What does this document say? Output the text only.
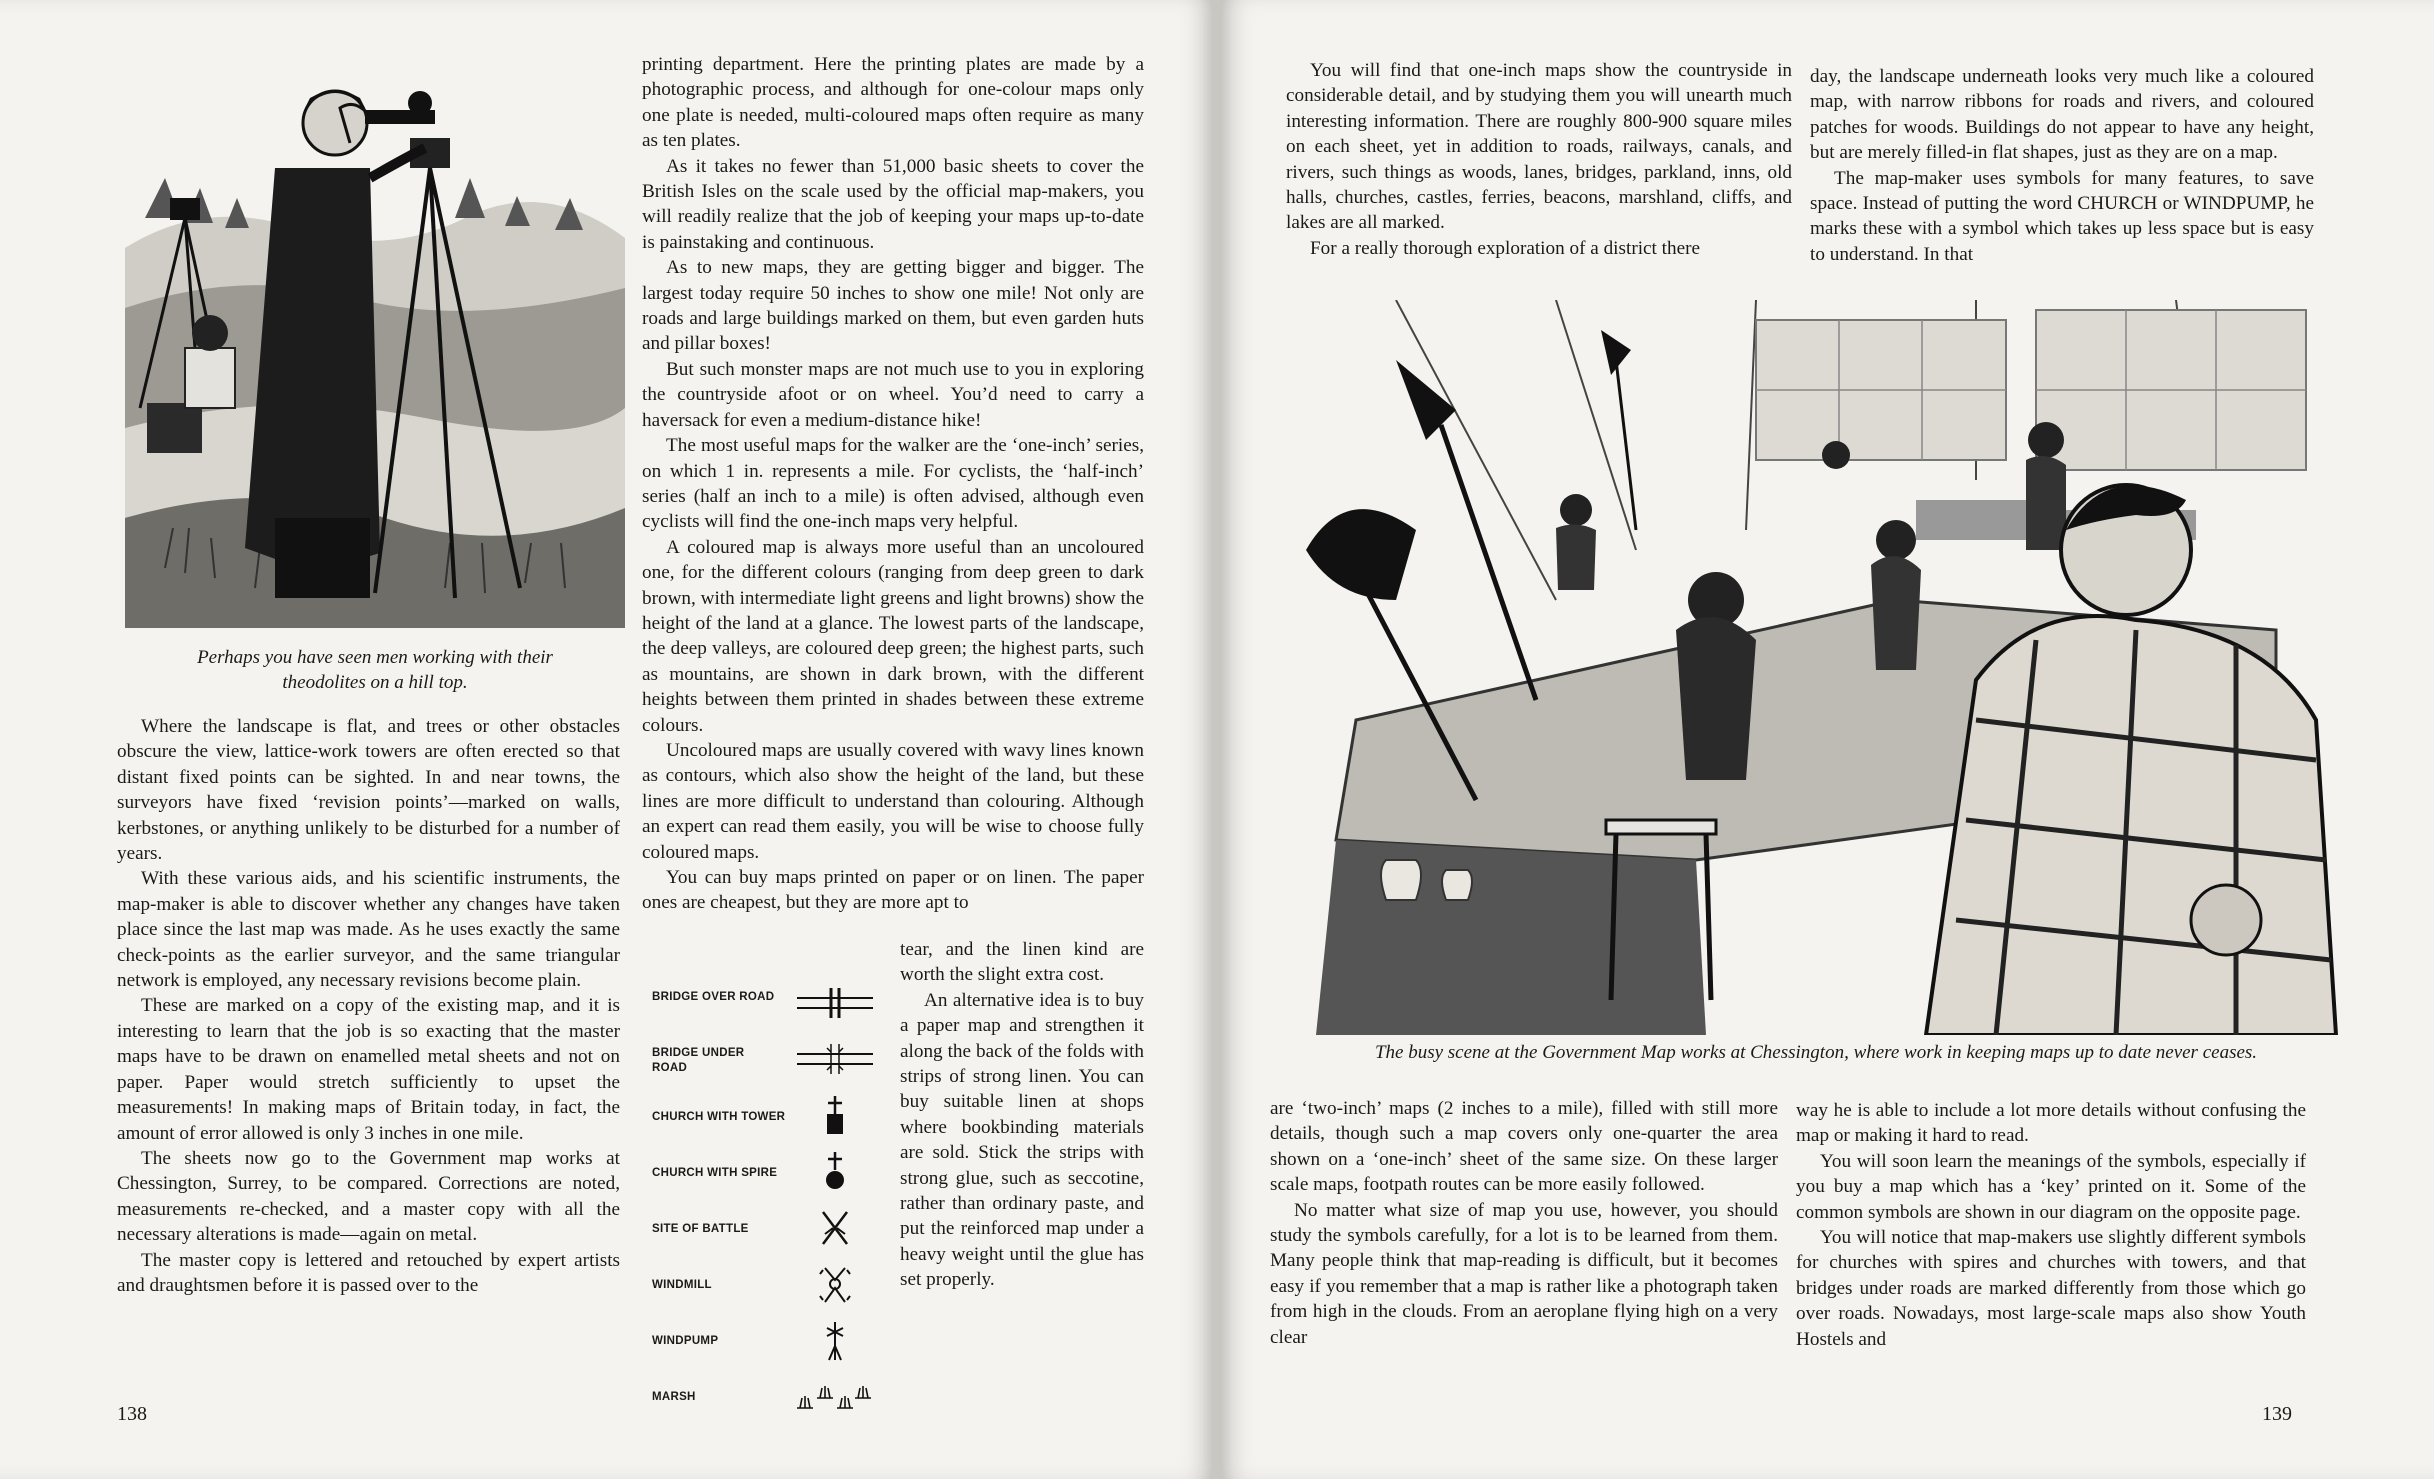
Perhaps you have seen men working with their
theodolites on a hill top.

Where the landscape is flat, and trees or other obstacles obscure the view, lattice-work towers are often erected so that distant fixed points can be sighted. In and near towns, the surveyors have fixed ‘revision points’—marked on walls, kerbstones, or anything unlikely to be disturbed for a number of years.

With these various aids, and his scientific instruments, the map-maker is able to discover whether any changes have taken place since the last map was made. As he uses exactly the same check-points as the earlier surveyor, and the same triangular network is employed, any necessary revisions become plain.

These are marked on a copy of the existing map, and it is interesting to learn that the job is so exacting that the master maps have to be drawn on enamelled metal sheets and not on paper. Paper would stretch sufficiently to upset the measurements! In making maps of Britain today, in fact, the amount of error allowed is only 3 inches in one mile.

The sheets now go to the Government map works at Chessington, Surrey, to be compared. Corrections are noted, measurements re-checked, and a master copy with all the necessary alterations is made—again on metal.

The master copy is lettered and retouched by expert artists and draughtsmen before it is passed over to the

printing department. Here the printing plates are made by a photographic process, and although for one-colour maps only one plate is needed, multi-coloured maps often require as many as ten plates.

As it takes no fewer than 51,000 basic sheets to cover the British Isles on the scale used by the official map-makers, you will readily realize that the job of keeping your maps up-to-date is painstaking and continuous.

As to new maps, they are getting bigger and bigger. The largest today require 50 inches to show one mile! Not only are roads and large buildings marked on them, but even garden huts and pillar boxes!

But such monster maps are not much use to you in exploring the countryside afoot or on wheel. You’d need to carry a haversack for even a medium-distance hike!

The most useful maps for the walker are the ‘one-inch’ series, on which 1 in. represents a mile. For cyclists, the ‘half-inch’ series (half an inch to a mile) is often advised, although even cyclists will find the one-inch maps very helpful.

A coloured map is always more useful than an uncoloured one, for the different colours (ranging from deep green to dark brown, with intermediate light greens and light browns) show the height of the land at a glance. The lowest parts of the landscape, the deep valleys, are coloured deep green; the highest parts, such as mountains, are shown in dark brown, with the different heights between them printed in shades between these extreme colours.

Uncoloured maps are usually covered with wavy lines known as contours, which also show the height of the land, but these lines are more difficult to understand than colouring. Although an expert can read them easily, you will be wise to choose fully coloured maps.

You can buy maps printed on paper or on linen. The paper ones are cheapest, but they are more apt to

BRIDGE OVER ROAD
BRIDGE UNDER ROAD
CHURCH WITH TOWER
CHURCH WITH SPIRE
SITE OF BATTLE
WINDMILL
WINDPUMP
MARSH

tear, and the linen kind are worth the slight extra cost.

An alternative idea is to buy a paper map and strengthen it along the back of the folds with strips of strong linen. You can buy suitable linen at shops where bookbinding materials are sold. Stick the strips with strong glue, such as seccotine, rather than ordinary paste, and put the reinforced map under a heavy weight until the glue has set properly.

138

You will find that one-inch maps show the countryside in considerable detail, and by studying them you will unearth much interesting information. There are roughly 800-900 square miles on each sheet, yet in addition to roads, railways, canals, and rivers, such things as woods, lanes, bridges, parkland, inns, old halls, churches, castles, ferries, beacons, marshland, cliffs, and lakes are all marked.

For a really thorough exploration of a district there

day, the landscape underneath looks very much like a coloured map, with narrow ribbons for roads and rivers, and coloured patches for woods. Buildings do not appear to have any height, but are merely filled-in flat shapes, just as they are on a map.

The map-maker uses symbols for many features, to save space. Instead of putting the word CHURCH or WINDPUMP, he marks these with a symbol which takes up less space but is easy to understand. In that

The busy scene at the Government Map works at Chessington, where work in keeping maps up to date never ceases.

are ‘two-inch’ maps (2 inches to a mile), filled with still more details, though such a map covers only one-quarter the area shown on a ‘one-inch’ sheet of the same size. On these larger scale maps, footpath routes can be more easily followed.

No matter what size of map you use, however, you should study the symbols carefully, for a lot is to be learned from them. Many people think that map-reading is difficult, but it becomes easy if you remember that a map is rather like a photograph taken from high in the clouds. From an aeroplane flying high on a very clear

way he is able to include a lot more details without confusing the map or making it hard to read.

You will soon learn the meanings of the symbols, especially if you buy a map which has a ‘key’ printed on it. Some of the common symbols are shown in our diagram on the opposite page.

You will notice that map-makers use slightly different symbols for churches with spires and churches with towers, and that bridges under roads are marked differently from those which go over roads. Nowadays, most large-scale maps also show Youth Hostels and

139
